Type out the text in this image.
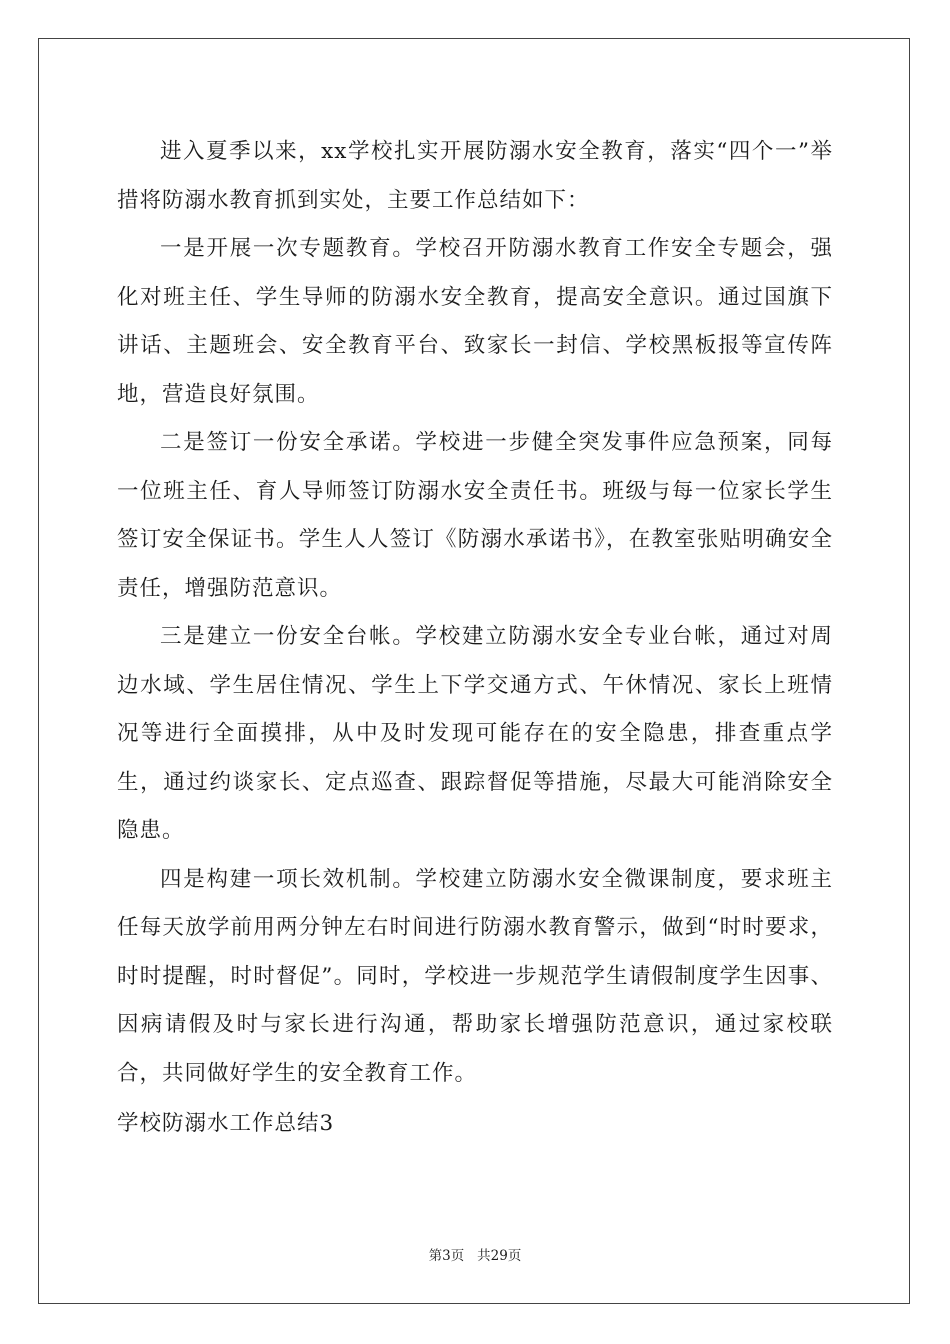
进入夏季以来，xx学校扎实开展防溺水安全教育，落实“四个一”举措将防溺水教育抓到实处，主要工作总结如下：

一是开展一次专题教育。学校召开防溺水教育工作安全专题会，强化对班主任、学生导师的防溺水安全教育，提高安全意识。通过国旗下讲话、主题班会、安全教育平台、致家长一封信、学校黑板报等宣传阵地，营造良好氛围。

二是签订一份安全承诺。学校进一步健全突发事件应急预案，同每一位班主任、育人导师签订防溺水安全责任书。班级与每一位家长学生签订安全保证书。学生人人签订《防溺水承诺书》，在教室张贴明确安全责任，增强防范意识。

三是建立一份安全台帐。学校建立防溺水安全专业台帐，通过对周边水域、学生居住情况、学生上下学交通方式、午休情况、家长上班情况等进行全面摸排，从中及时发现可能存在的安全隐患，排查重点学生，通过约谈家长、定点巡查、跟踪督促等措施，尽最大可能消除安全隐患。

四是构建一项长效机制。学校建立防溺水安全微课制度，要求班主任每天放学前用两分钟左右时间进行防溺水教育警示，做到“时时要求，时时提醒，时时督促”。同时，学校进一步规范学生请假制度学生因事、因病请假及时与家长进行沟通，帮助家长增强防范意识，通过家校联合，共同做好学生的安全教育工作。

学校防溺水工作总结3

第3页   共29页
